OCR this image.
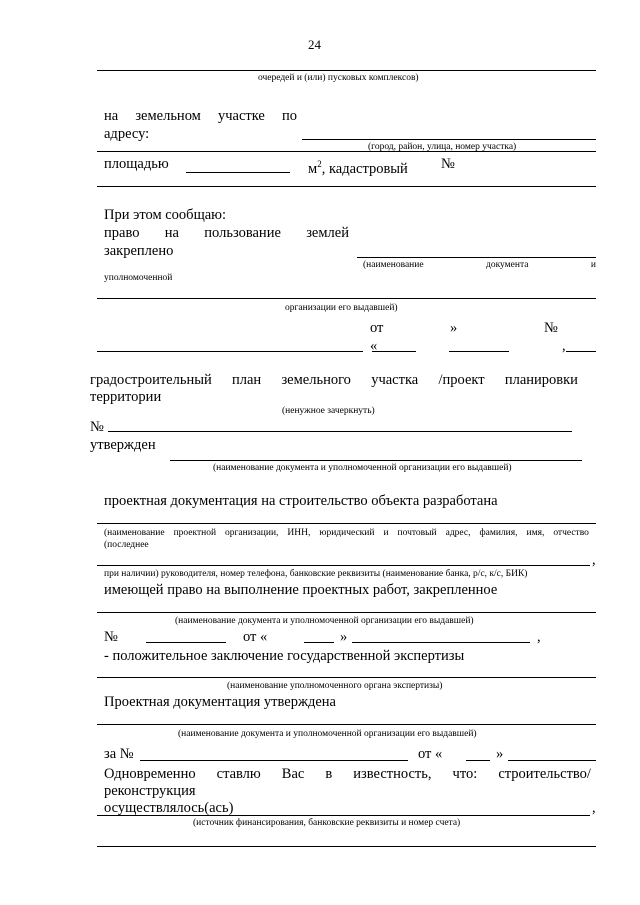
24
очередей и (или) пусковых комплексов)
на земельном участке по
адресу:
(город, район, улица, номер участка)
площадью	$м^2$, кадастровый №
При этом сообщаю:
право на пользование землей
закреплено
(наименование	документа	и
уполномоченной
организации его выдавшей)
от	»	№
«	,
градостроительный план земельного участка /проект планировки
территории
(ненужное зачеркнуть)
№
утвержден
(наименование документа и уполномоченной организации его выдавшей)
проектная документация на строительство объекта разработана
(наименование проектной организации, ИНН, юридический и почтовый адрес, фамилия, имя, отчество
(последнее
,
при наличии) руководителя, номер телефона, банковские реквизиты (наименование банка, р/с, к/с, БИК)
имеющей право на выполнение проектных работ, закрепленное
(наименование документа и уполномоченной организации его выдавшей)
№	от «	»	,
- положительное заключение государственной экспертизы
(наименование уполномоченного органа экспертизы)
Проектная документация утверждена
(наименование документа и уполномоченной организации его выдавшей)
за №	от «	»
Одновременно ставлю Вас в известность, что: строительство/
реконструкция
осуществлялось(ась)	,
(источник финансирования, банковские реквизиты и номер счета)
